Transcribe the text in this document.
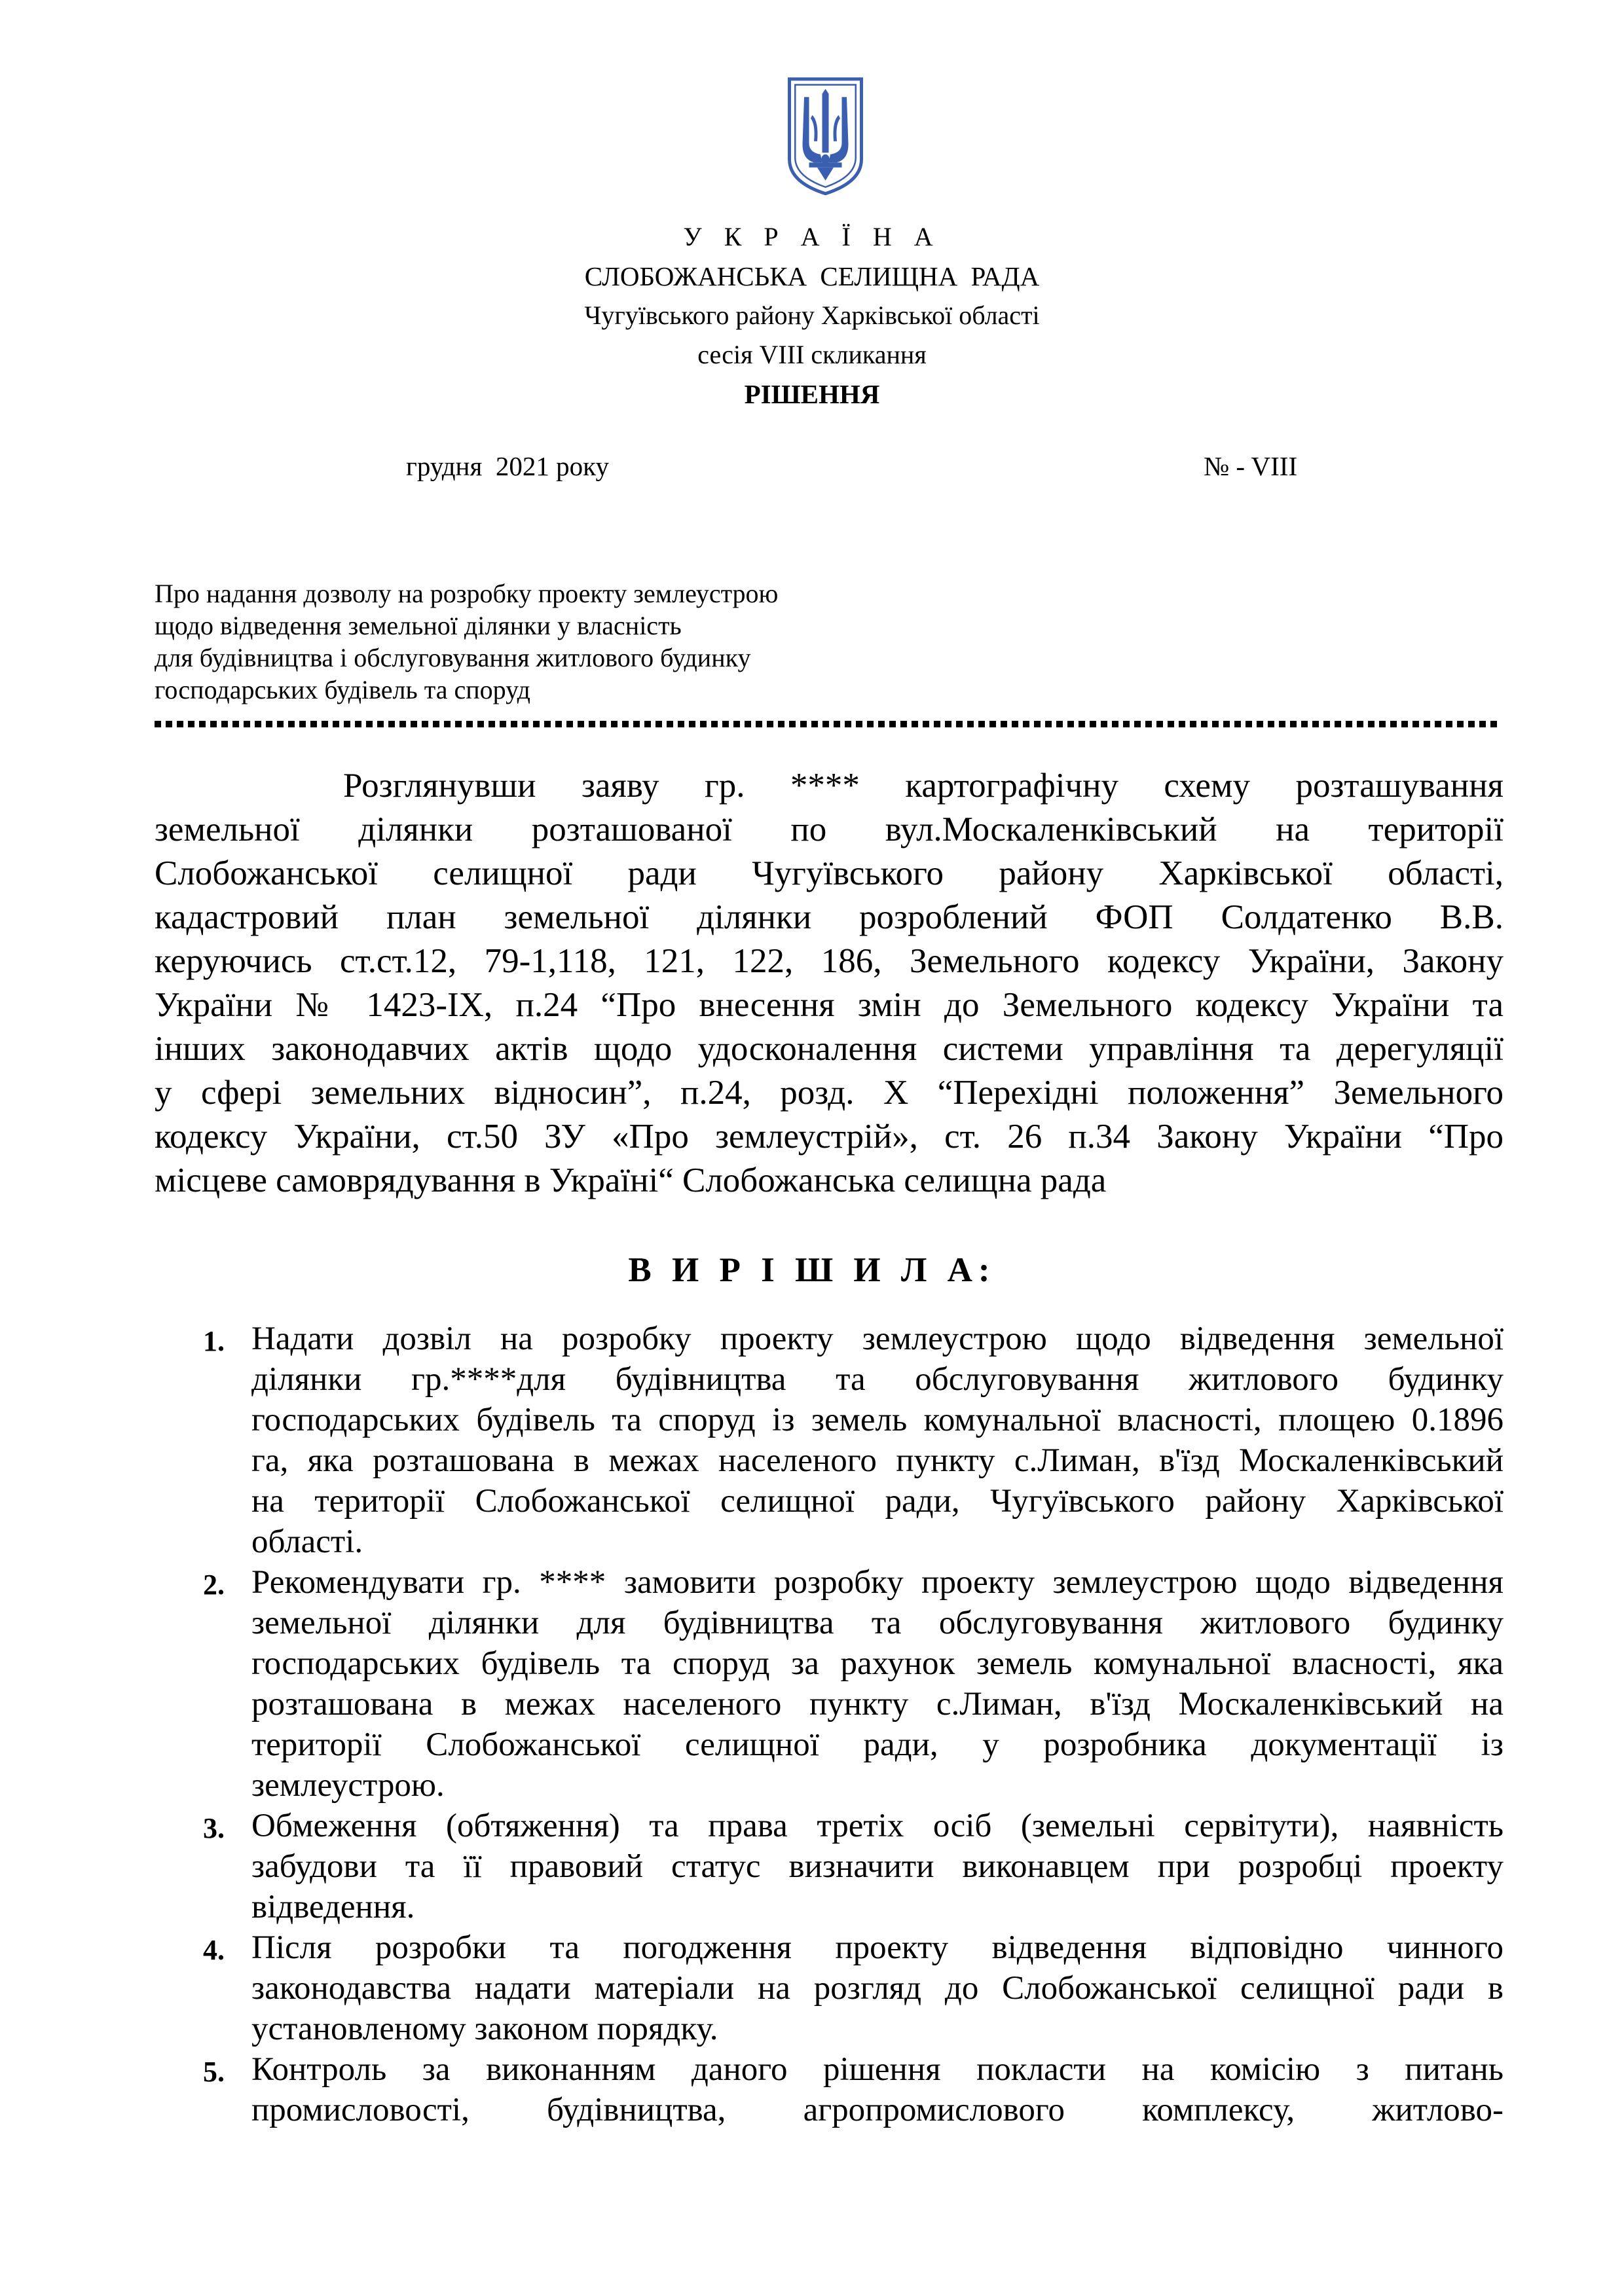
У К Р А Ї Н А
СЛОБОЖАНСЬКА СЕЛИЩНА РАДА
Чугуївського району Харківської області
сесія VIII скликання
РІШЕННЯ
грудня  2021 року	№ - VIII
Про надання дозволу на розробку проекту землеустрою
щодо відведення земельної ділянки у власність
для будівництва і обслуговування житлового будинку
господарських будівель та споруд
Розглянувши заяву гр. **** картографічну схему розташування
земельної ділянки розташованої по вул.Москаленківський на території
Слобожанської селищної ради Чугуївського району Харківської області,
кадастровий план земельної ділянки розроблений ФОП Солдатенко В.В.
керуючись ст.ст.12, 79-1,118, 121, 122, 186, Земельного кодексу України, Закону
України № 1423-IX, п.24 “Про внесення змін до Земельного кодексу України та
інших законодавчих актів щодо удосконалення системи управління та дерегуляції
у сфері земельних відносин”, п.24, розд. Х “Перехідні положення” Земельного
кодексу України, ст.50 ЗУ «Про землеустрій», ст. 26 п.34 Закону України “Про
місцеве самоврядування в Україні“ Слобожанська селищна рада
В И Р І Ш И Л А:
1. Надати дозвіл на розробку проекту землеустрою щодо відведення земельної
ділянки гр.****для будівництва та обслуговування житлового будинку
господарських будівель та споруд із земель комунальної власності, площею 0.1896
га, яка розташована в межах населеного пункту с.Лиман, в'їзд Москаленківський
на території Слобожанської селищної ради, Чугуївського району Харківської
області.
2. Рекомендувати гр. **** замовити розробку проекту землеустрою щодо відведення
земельної ділянки для будівництва та обслуговування житлового будинку
господарських будівель та споруд за рахунок земель комунальної власності, яка
розташована в межах населеного пункту с.Лиман, в'їзд Москаленківський на
території Слобожанської селищної ради, у розробника документації із
землеустрою.
3. Обмеження (обтяження) та права третіх осіб (земельні сервітути), наявність
забудови та її правовий статус визначити виконавцем при розробці проекту
відведення.
4. Після розробки та погодження проекту відведення відповідно чинного
законодавства надати матеріали на розгляд до Слобожанської селищної ради в
установленому законом порядку.
5. Контроль за виконанням даного рішення покласти на комісію з питань
промисловості, будівництва, агропромислового комплексу, житлово-
